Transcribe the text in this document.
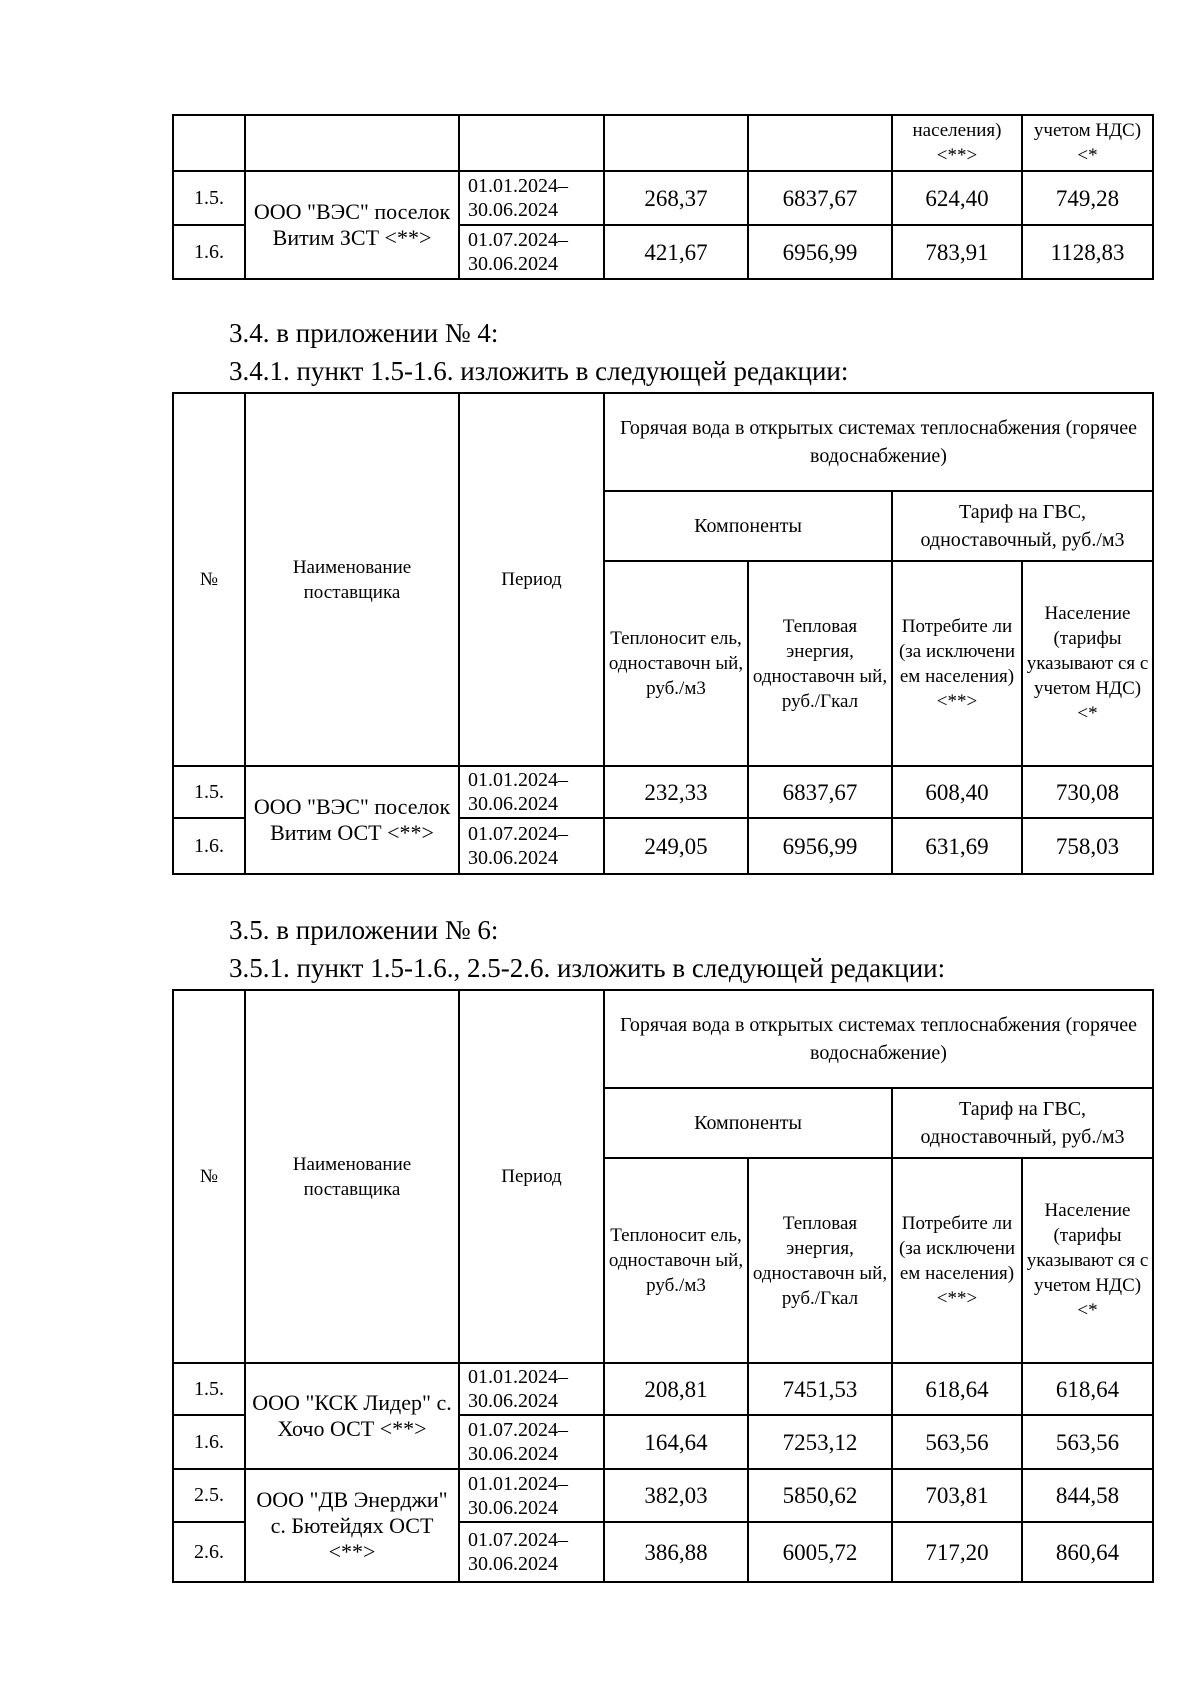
					населения) <**>	учетом НДС) <*
1.5.	ООО "ВЭС" поселок Витим ЗСТ <**>	01.01.2024– 30.06.2024	268,37	6837,67	624,40	749,28
1.6.		01.07.2024– 30.06.2024	421,67	6956,99	783,91	1128,83

3.4. в приложении № 4:

3.4.1. пункт 1.5-1.6. изложить в следующей редакции:

№	Наименование поставщика	Период	Горячая вода в открытых системах теплоснабжения (горячее водоснабжение)			
			Компоненты		Тариф на ГВС, одноставочный, руб./м3	
			Теплоносит ель, одноставочн ый, руб./м3	Тепловая энергия, одноставочн ый, руб./Гкал	Потребите ли (за исключени ем населения) <**>	Население (тарифы указывают ся с учетом НДС) <*
1.5.	ООО "ВЭС" поселок Витим ОСТ <**>	01.01.2024– 30.06.2024	232,33	6837,67	608,40	730,08
1.6.		01.07.2024– 30.06.2024	249,05	6956,99	631,69	758,03

3.5. в приложении № 6:

3.5.1. пункт 1.5-1.6., 2.5-2.6. изложить в следующей редакции:

№	Наименование поставщика	Период	Горячая вода в открытых системах теплоснабжения (горячее водоснабжение)			
			Компоненты		Тариф на ГВС, одноставочный, руб./м3	
			Теплоносит ель, одноставочн ый, руб./м3	Тепловая энергия, одноставочн ый, руб./Гкал	Потребите ли (за исключени ем населения) <**>	Население (тарифы указывают ся с учетом НДС) <*
1.5.	ООО "КСК Лидер" с. Хочо ОСТ <**>	01.01.2024– 30.06.2024	208,81	7451,53	618,64	618,64
1.6.		01.07.2024– 30.06.2024	164,64	7253,12	563,56	563,56
2.5.	ООО "ДВ Энерджи" с. Бютейдях ОСТ <**>	01.01.2024– 30.06.2024	382,03	5850,62	703,81	844,58
2.6.		01.07.2024– 30.06.2024	386,88	6005,72	717,20	860,64
